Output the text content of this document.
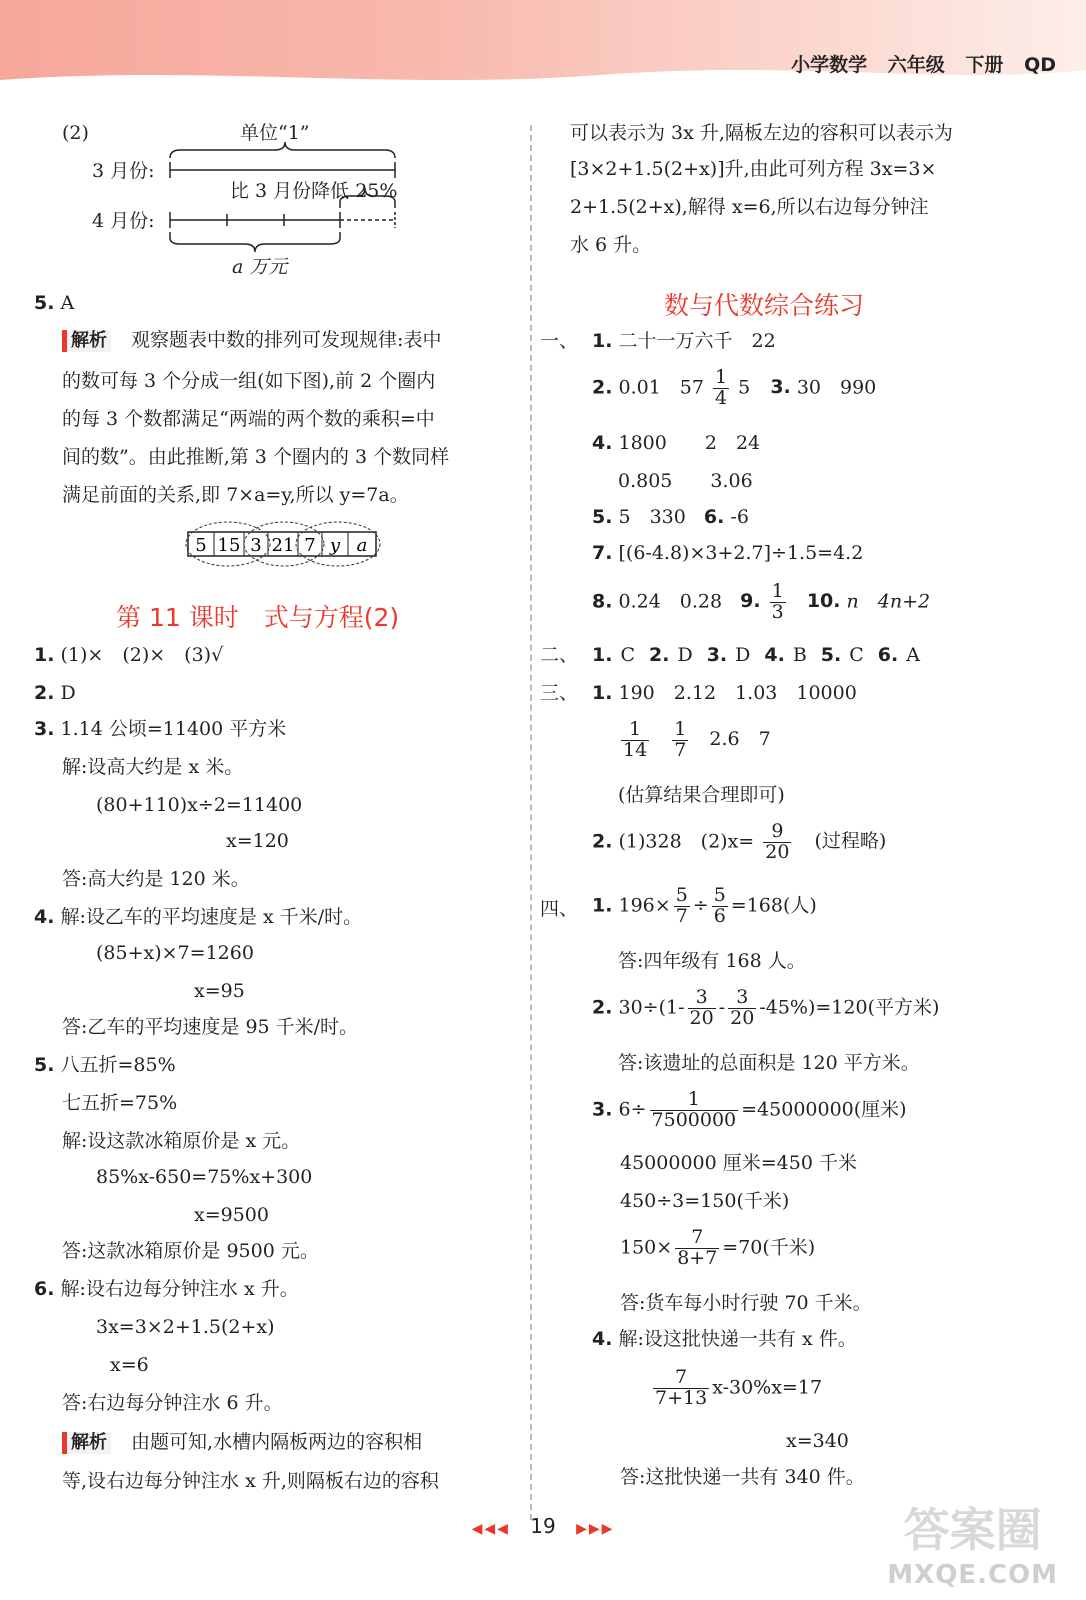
小学数学 六年级 下册 QD
(2)	单位“1”
3 月份:
比 3 月份降低 25%
4 月份:
a 万元
5. A
解析 观察题表中数的排列可发现规律:表中
的数可每 3 个分成一组(如下图),前 2 个圈内
的每 3 个数都满足“两端的两个数的乘积=中
间的数”。由此推断,第 3 个圈内的 3 个数同样
满足前面的关系,即 7×a=y,所以 y=7a。
5 15 3 21 7 y a
第 11 课时　式与方程(2)
1. (1)×　(2)×　(3)√
2. D
3. 1.14 公顷=11400 平方米
解:设高大约是 x 米。
(80+110)x÷2=11400
x=120
答:高大约是 120 米。
4. 解:设乙车的平均速度是 x 千米/时。
(85+x)×7=1260
x=95
答:乙车的平均速度是 95 千米/时。
5. 八五折=85%
七五折=75%
解:设这款冰箱原价是 x 元。
85%x-650=75%x+300
x=9500
答:这款冰箱原价是 9500 元。
6. 解:设右边每分钟注水 x 升。
3x=3×2+1.5(2+x)
x=6
答:右边每分钟注水 6 升。
解析 由题可知,水槽内隔板两边的容积相
等,设右边每分钟注水 x 升,则隔板右边的容积
可以表示为 3x 升,隔板左边的容积可以表示为
[3×2+1.5(2+x)]升,由此可列方程 3x=3×
2+1.5(2+x),解得 x=6,所以右边每分钟注
水 6 升。
数与代数综合练习
一、 1. 二十一万六千　22
2. 0.01　$57 \frac{1}{4} 5$ 3. 30　990
4. 1800　　2　24
0.805　　3.06
5. 5　330 6. -6
7. [(6-4.8)×3+2.7]÷1.5=4.2
8. 0.24　0.28 9. $\frac{1}{3} 10$. n　4n+2
二、 1. C 2. D 3. D 4. B 5. C 6. A
三、 1. 190　2.12　1.03　10000
$\frac{1}{14}$
$\frac{1}{7} 2.6$　7
(估算结果合理即可)
2. (1)328　$(2)x= \frac{9}{20}$ (过程略)
四、 1. $196\times \frac{5}{7} \div \frac{5}{6} =168$(人)
答:四年级有 168 人。
2. $30\div(1- \frac{3}{20} - \frac{3}{20} -45\%)=120$(平方米)
答:该遗址的总面积是 120 平方米。
3. $6\div \frac{1}{7500000} =45000000$(厘米)
45000000 厘米=450 千米
450÷3=150(千米)
$150\times \frac{7}{8+7} =70$(千米)
答:货车每小时行驶 70 千米。
4. 解:设这批快递一共有 x 件。
$\frac{7}{7+13} x-30\%x=17$
x=340
答:这批快递一共有 340 件。
◀◀◀ 19 ▶▶▶	答案圈
MXQE.COM
